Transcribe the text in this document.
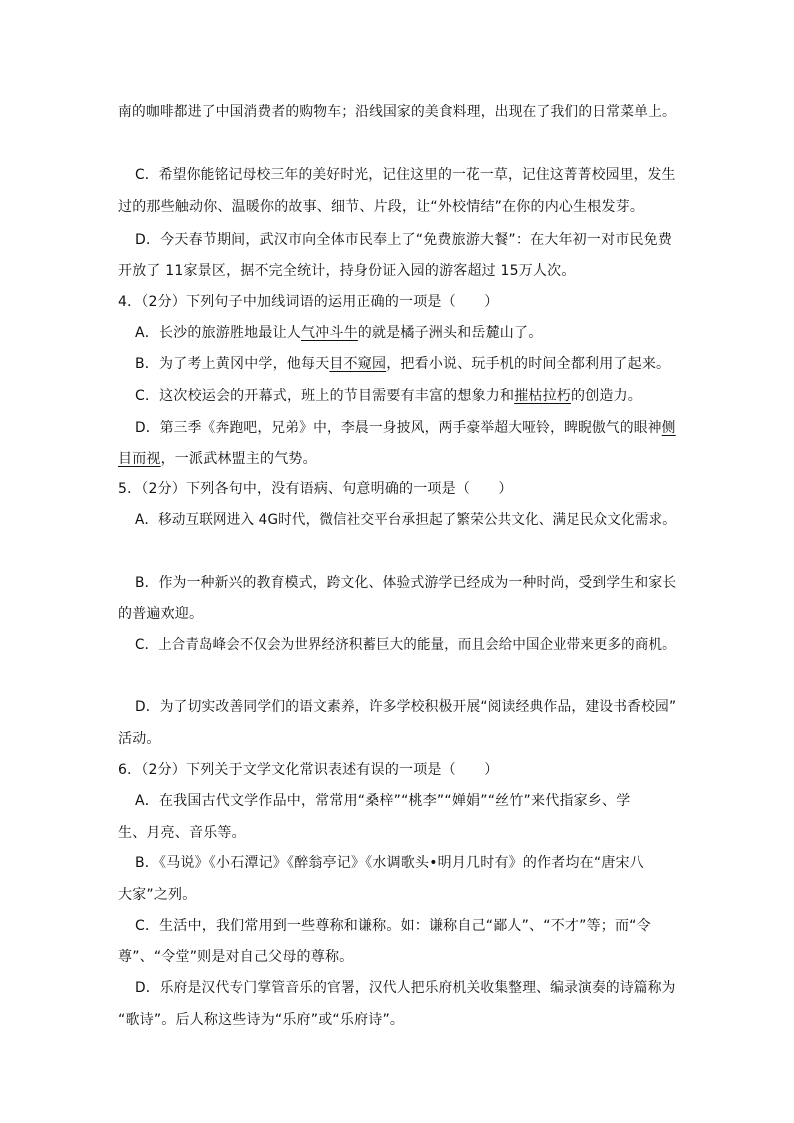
南的咖啡都进了中国消费者的购物车；沿线国家的美食料理，出现在了我们的日常菜单上。
C．希望你能铭记母校三年的美好时光，记住这里的一花一草，记住这菁菁校园里，发生
过的那些触动你、温暖你的故事、细节、片段，让“外校情结”在你的内心生根发芽。
D．今天春节期间，武汉市向全体市民奉上了“免费旅游大餐”：在大年初一对市民免费
开放了 11家景区，据不完全统计，持身份证入园的游客超过 15万人次。
4．（2分）下列句子中加线词语的运用正确的一项是（　　）
A．长沙的旅游胜地最让人气冲斗牛的就是橘子洲头和岳麓山了。
B．为了考上黄冈中学，他每天目不窥园，把看小说、玩手机的时间全都利用了起来。
C．这次校运会的开幕式，班上的节目需要有丰富的想象力和摧枯拉朽的创造力。
D．第三季《奔跑吧，兄弟》中，李晨一身披风，两手豪举超大哑铃，睥睨傲气的眼神侧
目而视，一派武林盟主的气势。
5．（2分）下列各句中，没有语病、句意明确的一项是（　　）
A．移动互联网进入 4G时代，微信社交平台承担起了繁荣公共文化、满足民众文化需求。
B．作为一种新兴的教育模式，跨文化、体验式游学已经成为一种时尚，受到学生和家长
的普遍欢迎。
C．上合青岛峰会不仅会为世界经济积蓄巨大的能量，而且会给中国企业带来更多的商机。
D．为了切实改善同学们的语文素养，许多学校积极开展“阅读经典作品，建设书香校园”
活动。
6．（2分）下列关于文学文化常识表述有误的一项是（　　）
A．在我国古代文学作品中，常常用“桑梓”“桃李”“婵娟”“丝竹”来代指家乡、学
生、月亮、音乐等。
B．《马说》《小石潭记》《醉翁亭记》《水调歌头•明月几时有》的作者均在“唐宋八
大家”之列。
C．生活中，我们常用到一些尊称和谦称。如：谦称自己“鄙人”、“不才”等；而“令
尊”、“令堂”则是对自己父母的尊称。
D．乐府是汉代专门掌管音乐的官署，汉代人把乐府机关收集整理、编录演奏的诗篇称为
“歌诗”。后人称这些诗为“乐府”或“乐府诗”。
